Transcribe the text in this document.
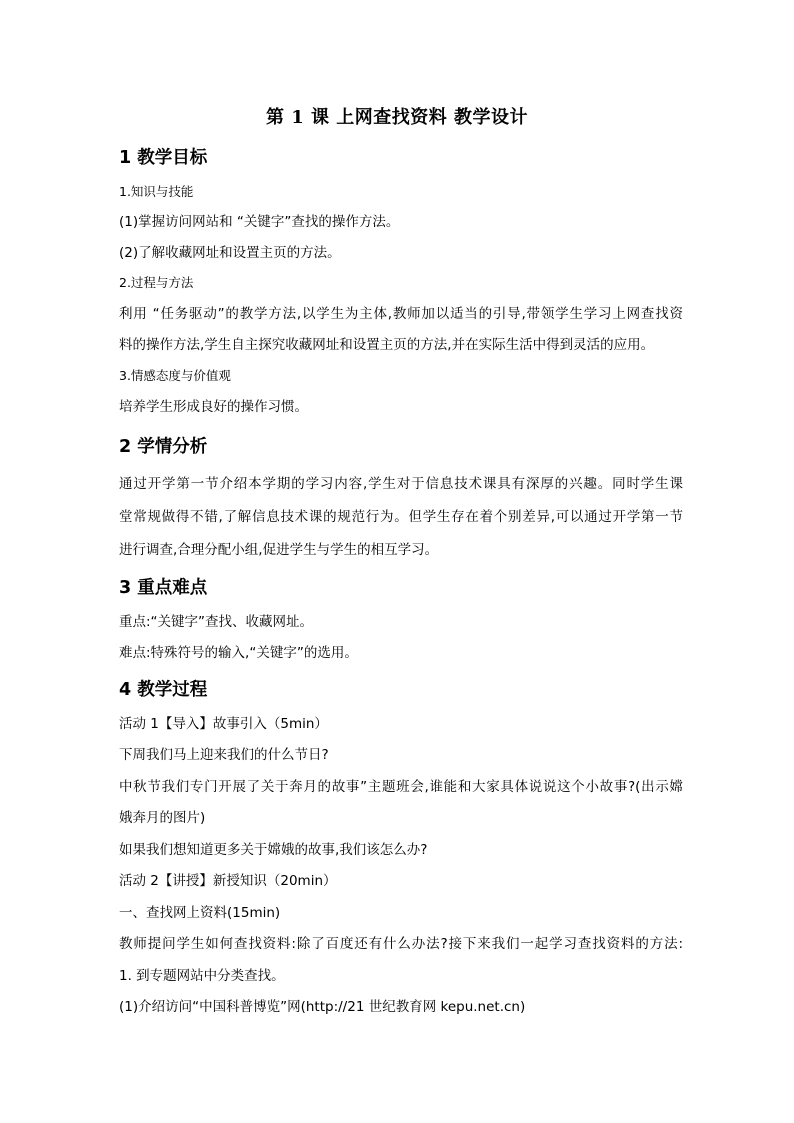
第 1 课 上网查找资料 教学设计
1 教学目标
1.知识与技能
(1)掌握访问网站和 “关键字”查找的操作方法。
(2)了解收藏网址和设置主页的方法。
2.过程与方法
利用 “任务驱动”的教学方法,以学生为主体,教师加以适当的引导,带领学生学习上网查找资
料的操作方法,学生自主探究收藏网址和设置主页的方法,并在实际生活中得到灵活的应用。
3.情感态度与价值观
培养学生形成良好的操作习惯。
2 学情分析
通过开学第一节介绍本学期的学习内容,学生对于信息技术课具有深厚的兴趣。同时学生课
堂常规做得不错,了解信息技术课的规范行为。但学生存在着个别差异,可以通过开学第一节
进行调查,合理分配小组,促进学生与学生的相互学习。
3 重点难点
重点:“关键字”查找、收藏网址。
难点:特殊符号的输入,“关键字”的选用。
4 教学过程
活动 1【导入】故事引入（5min）
下周我们马上迎来我们的什么节日?
中秋节我们专门开展了关于奔月的故事”主题班会,谁能和大家具体说说这个小故事?(出示嫦
娥奔月的图片)
如果我们想知道更多关于嫦娥的故事,我们该怎么办?
活动 2【讲授】新授知识（20min）
一、查找网上资料(15min)
教师提问学生如何查找资料:除了百度还有什么办法?接下来我们一起学习查找资料的方法:
1. 到专题网站中分类查找。
(1)介绍访问“中国科普博览”网(http://21 世纪教育网 kepu.net.cn)
